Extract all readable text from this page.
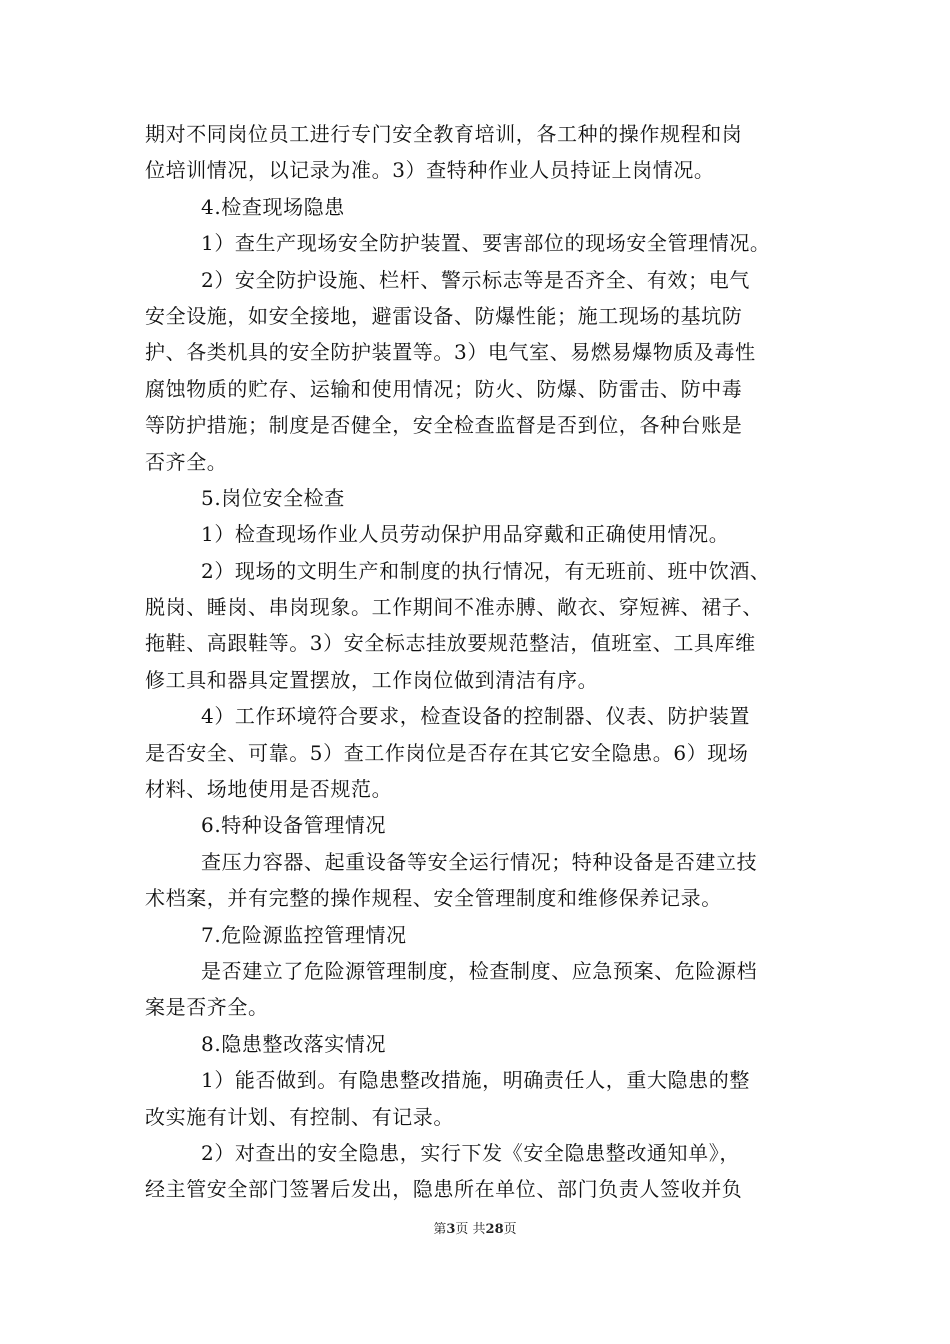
期对不同岗位员工进行专门安全教育培训，各工种的操作规程和岗
位培训情况，以记录为准。3）查特种作业人员持证上岗情况。
4.检查现场隐患
1）查生产现场安全防护装置、要害部位的现场安全管理情况。
2）安全防护设施、栏杆、警示标志等是否齐全、有效；电气
安全设施，如安全接地，避雷设备、防爆性能；施工现场的基坑防
护、各类机具的安全防护装置等。3）电气室、易燃易爆物质及毒性
腐蚀物质的贮存、运输和使用情况；防火、防爆、防雷击、防中毒
等防护措施；制度是否健全，安全检查监督是否到位，各种台账是
否齐全。
5.岗位安全检查
1）检查现场作业人员劳动保护用品穿戴和正确使用情况。
2）现场的文明生产和制度的执行情况，有无班前、班中饮酒、
脱岗、睡岗、串岗现象。工作期间不准赤膊、敞衣、穿短裤、裙子、
拖鞋、高跟鞋等。3）安全标志挂放要规范整洁，值班室、工具库维
修工具和器具定置摆放，工作岗位做到清洁有序。
4）工作环境符合要求，检查设备的控制器、仪表、防护装置
是否安全、可靠。5）查工作岗位是否存在其它安全隐患。6）现场
材料、场地使用是否规范。
6.特种设备管理情况
查压力容器、起重设备等安全运行情况；特种设备是否建立技
术档案，并有完整的操作规程、安全管理制度和维修保养记录。
7.危险源监控管理情况
是否建立了危险源管理制度，检查制度、应急预案、危险源档
案是否齐全。
8.隐患整改落实情况
1）能否做到。有隐患整改措施，明确责任人，重大隐患的整
改实施有计划、有控制、有记录。
2）对查出的安全隐患，实行下发《安全隐患整改通知单》，
经主管安全部门签署后发出，隐患所在单位、部门负责人签收并负
第3页 共28页
